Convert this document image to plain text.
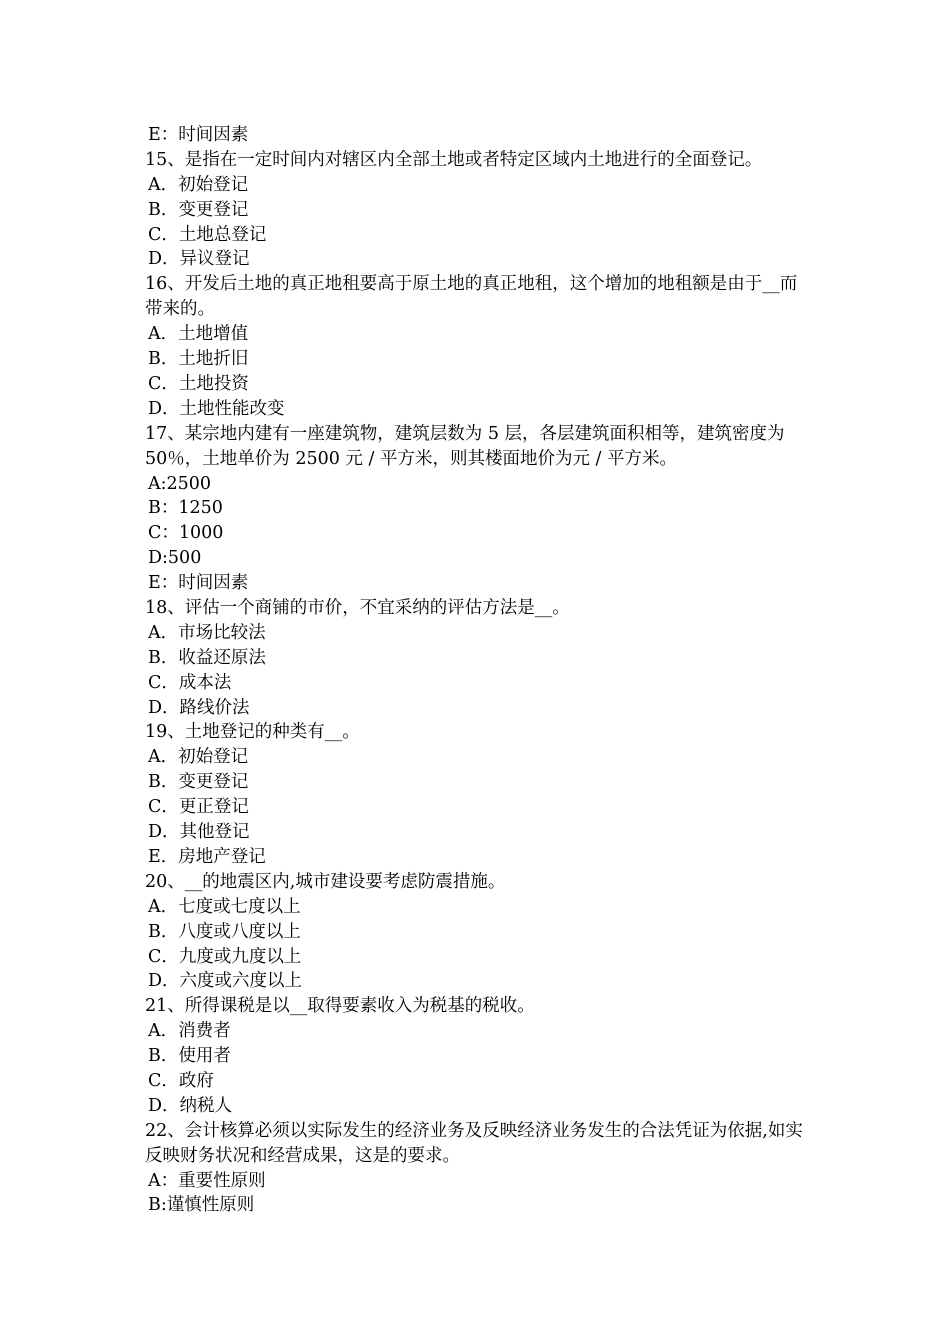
E：时间因素
15、是指在一定时间内对辖区内全部土地或者特定区域内土地进行的全面登记。
A．初始登记
B．变更登记
C．土地总登记
D．异议登记
16、开发后土地的真正地租要高于原土地的真正地租，这个增加的地租额是由于__而带来的。
A．土地增值
B．土地折旧
C．土地投资
D．土地性能改变
17、某宗地内建有一座建筑物，建筑层数为 5 层，各层建筑面积相等，建筑密度为 50％，土地单价为 2500 元 / 平方米，则其楼面地价为元 / 平方米。
A:2500
B：1250
C：1000
D:500
E：时间因素
18、评估一个商铺的市价，不宜采纳的评估方法是__。
A．市场比较法
B．收益还原法
C．成本法
D．路线价法
19、土地登记的种类有__。
A．初始登记
B．变更登记
C．更正登记
D．其他登记
E．房地产登记
20、__的地震区内,城市建设要考虑防震措施。
A．七度或七度以上
B．八度或八度以上
C．九度或九度以上
D．六度或六度以上
21、所得课税是以__取得要素收入为税基的税收。
A．消费者
B．使用者
C．政府
D．纳税人
22、会计核算必须以实际发生的经济业务及反映经济业务发生的合法凭证为依据,如实反映财务状况和经营成果，这是的要求。
A：重要性原则
B:谨慎性原则
